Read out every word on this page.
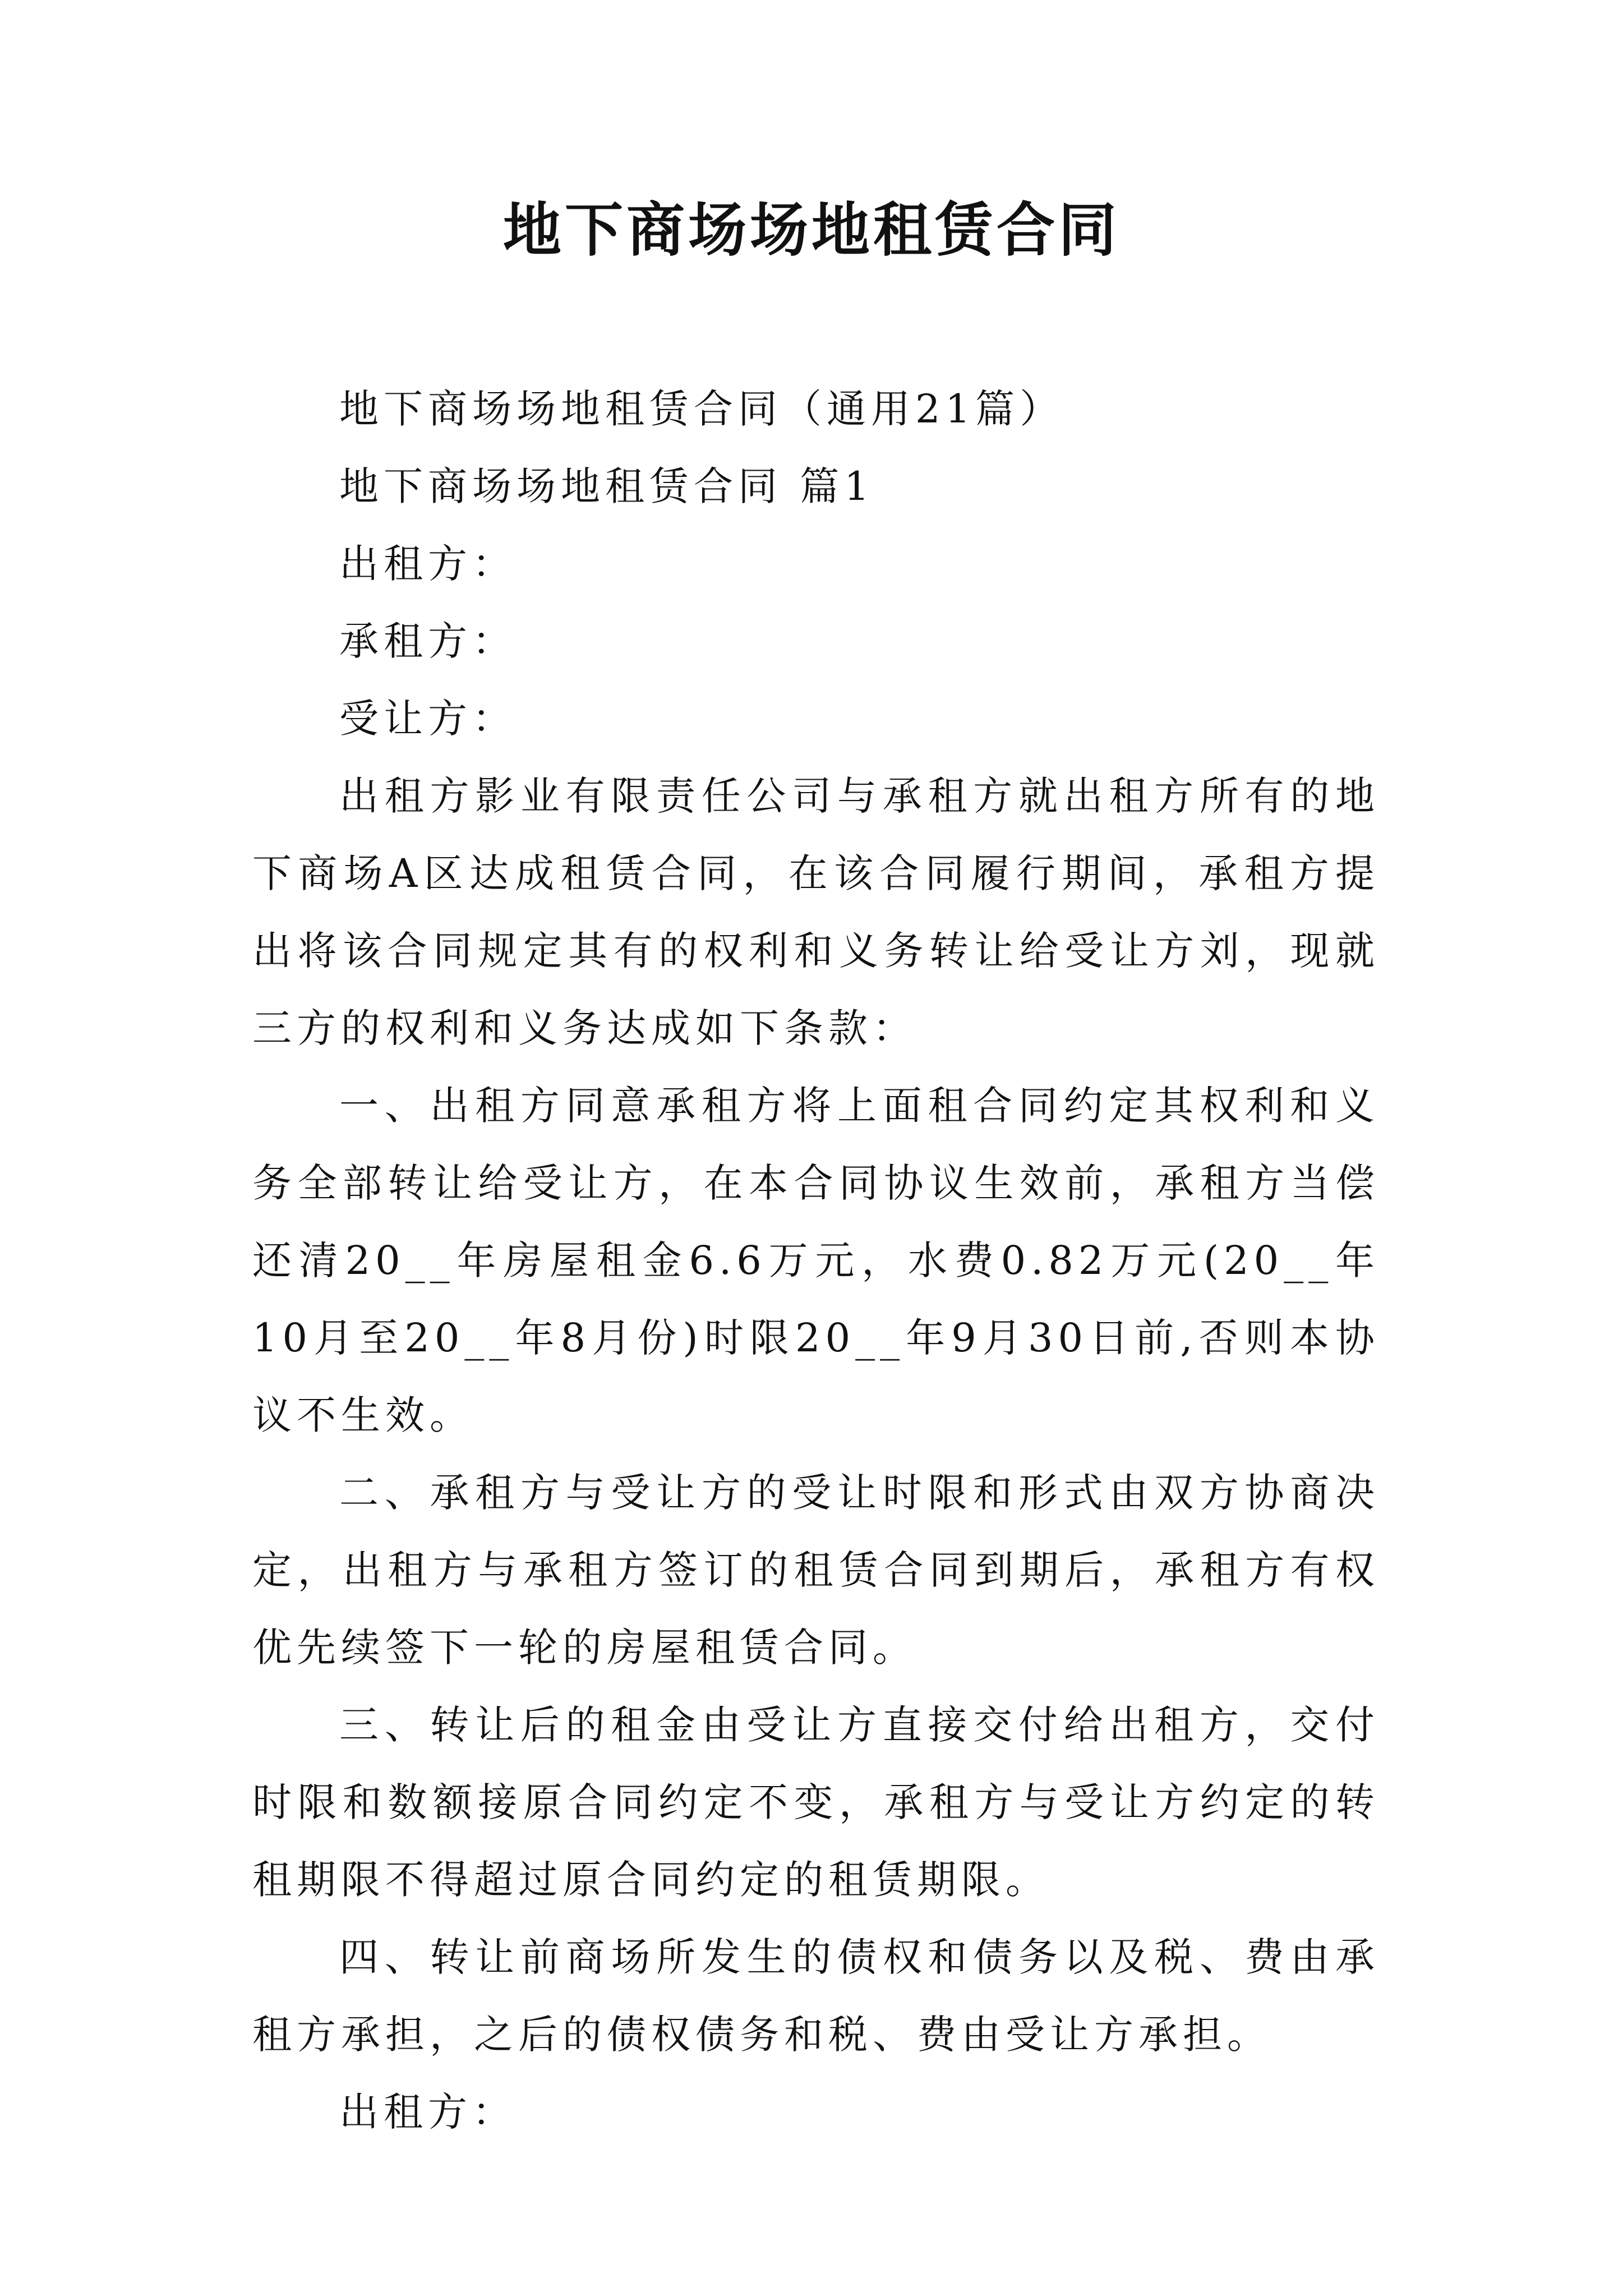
地下商场场地租赁合同

地下商场场地租赁合同（通用21篇）

地下商场场地租赁合同 篇1

出租方：

承租方：

受让方：

出租方影业有限责任公司与承租方就出租方所有的地下商场A区达成租赁合同，在该合同履行期间，承租方提出将该合同规定其有的权利和义务转让给受让方刘，现就三方的权利和义务达成如下条款：

一、出租方同意承租方将上面租合同约定其权利和义务全部转让给受让方，在本合同协议生效前，承租方当偿还清20__年房屋租金6.6万元，水费0.82万元(20__年10月至20__年8月份)时限20__年9月30日前,否则本协议不生效。

二、承租方与受让方的受让时限和形式由双方协商决定，出租方与承租方签订的租赁合同到期后，承租方有权优先续签下一轮的房屋租赁合同。

三、转让后的租金由受让方直接交付给出租方，交付时限和数额接原合同约定不变，承租方与受让方约定的转租期限不得超过原合同约定的租赁期限。

四、转让前商场所发生的债权和债务以及税、费由承租方承担，之后的债权债务和税、费由受让方承担。

出租方：
